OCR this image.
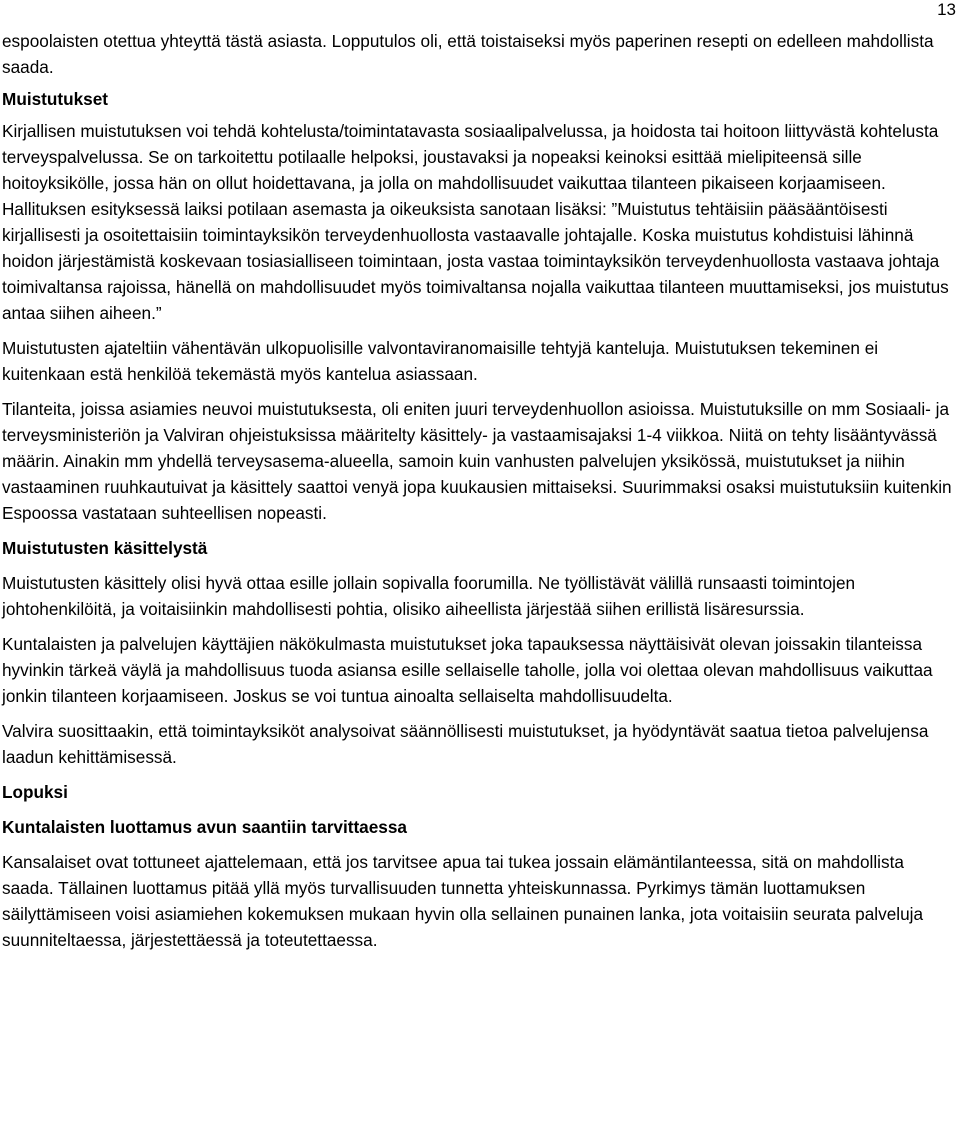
13

espoolaisten otettua yhteyttä tästä asiasta. Lopputulos oli, että toistaiseksi myös paperinen resepti on edelleen mahdollista saada.

Muistutukset

Kirjallisen muistutuksen voi tehdä kohtelusta/toimintatavasta sosiaalipalvelussa, ja hoidosta tai hoitoon liittyvästä kohtelusta terveyspalvelussa. Se on tarkoitettu potilaalle helpoksi, joustavaksi ja nopeaksi keinoksi esittää mielipiteensä sille hoitoyksikölle, jossa hän on ollut hoidettavana, ja jolla on mahdollisuudet vaikuttaa tilanteen pikaiseen korjaamiseen. Hallituksen esityksessä laiksi potilaan asemasta ja oikeuksista sanotaan lisäksi: ”Muistutus tehtäisiin pääsääntöisesti kirjallisesti ja osoitettaisiin toimintayksikön terveydenhuollosta vastaavalle johtajalle. Koska muistutus kohdistuisi lähinnä hoidon järjestämistä koskevaan tosiasialliseen toimintaan, josta vastaa toimintayksikön terveydenhuollosta vastaava johtaja toimivaltansa rajoissa, hänellä on mahdollisuudet myös toimivaltansa nojalla vaikuttaa tilanteen muuttamiseksi, jos muistutus antaa siihen aiheen.”

Muistutusten ajateltiin vähentävän ulkopuolisille valvontaviranomaisille tehtyjä kanteluja. Muistutuksen tekeminen ei kuitenkaan estä henkilöä tekemästä myös kantelua asiassaan.

Tilanteita, joissa asiamies neuvoi muistutuksesta, oli eniten juuri terveydenhuollon asioissa. Muistutuksille on mm Sosiaali- ja terveysministeriön ja Valviran ohjeistuksissa määritelty käsittely- ja vastaamisajaksi 1-4 viikkoa. Niitä on tehty lisääntyvässä määrin. Ainakin mm yhdellä terveysasema-alueella, samoin kuin vanhusten palvelujen yksikössä, muistutukset ja niihin vastaaminen ruuhkautuivat ja käsittely saattoi venyä jopa kuukausien mittaiseksi. Suurimmaksi osaksi muistutuksiin kuitenkin Espoossa vastataan suhteellisen nopeasti.

Muistutusten käsittelystä

Muistutusten käsittely olisi hyvä ottaa esille jollain sopivalla foorumilla. Ne työllistävät välillä runsaasti toimintojen johtohenkilöitä, ja voitaisiinkin mahdollisesti pohtia, olisiko aiheellista järjestää siihen erillistä lisäresurssia.

Kuntalaisten ja palvelujen käyttäjien näkökulmasta muistutukset joka tapauksessa näyttäisivät olevan joissakin tilanteissa hyvinkin tärkeä väylä ja mahdollisuus tuoda asiansa esille sellaiselle taholle, jolla voi olettaa olevan mahdollisuus vaikuttaa jonkin tilanteen korjaamiseen. Joskus se voi tuntua ainoalta sellaiselta mahdollisuudelta.

Valvira suosittaakin, että toimintayksiköt analysoivat säännöllisesti muistutukset, ja hyödyntävät saatua tietoa palvelujensa laadun kehittämisessä.

Lopuksi
Kuntalaisten luottamus avun saantiin tarvittaessa

Kansalaiset ovat tottuneet ajattelemaan, että jos tarvitsee apua tai tukea jossain elämäntilanteessa, sitä on mahdollista saada. Tällainen luottamus pitää yllä myös turvallisuuden tunnetta yhteiskunnassa. Pyrkimys tämän luottamuksen säilyttämiseen voisi asiamiehen kokemuksen mukaan hyvin olla sellainen punainen lanka, jota voitaisiin seurata palveluja suunniteltaessa, järjestettäessä ja toteutettaessa.
